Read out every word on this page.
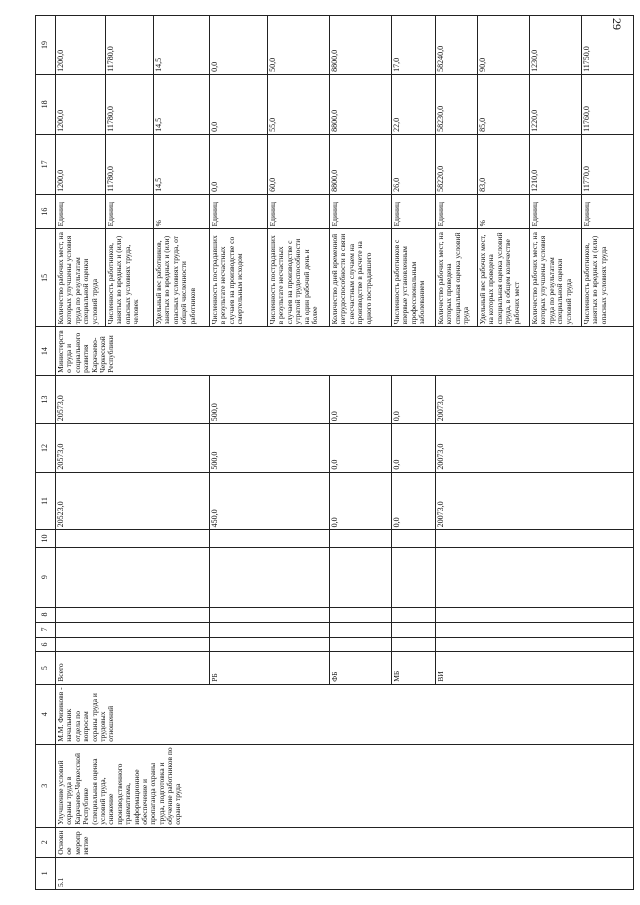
29
1	2	3	4	5	6	7	8	9	10	11	12	13	14	15	16	17	18	19
5.1	Основное мероприятие	Улучшение условий охраны труда в Карачаево-Черкесской Республике (специальная оценка условий труда, снижение производственного травматизма, информационное обеспечение и пропаганда охраны труда, подготовка и обучение работников по охране труда	М.М. Физиковв - начальник отдела по вопросам охраны труда и трудовых отношений	Всего						20523,0	20573,0	20573,0	Министерство труда и социального развития Карачаево-Черкесской Республики	Количество рабочих мест, на которых улучшены условия труда по результатам специальной оценки условий труда	Единиц	1200,0	1200,0	1200,0
														Численность работников, занятых во вредных и (или) опасных условиях труда, человек	Единиц	11780,0	11780,0	11780,0
														Удельный вес работников, занятых во вредных и (или) опасных условиях труда, от общей численности работников	%	14,5	14,5	14,5
				РБ						450,0	500,0	500,0		Численность пострадавших в результате несчастных случаев на производстве со смертельным исходом	Единиц	0,0	0,0	0,0
														Численность пострадавших в результате несчастных случаев на производстве с утратой трудоспособности на один рабочий день и более	Единиц	60,0	55,0	50,0
				ФБ						0,0	0,0	0,0		Количество дней временной нетрудоспособности в связи с несчастным случаем на производстве в расчете на одного пострадавшего	Единиц	8800,0	8800,0	8800,0
				МБ						0,0	0,0	0,0		Численность работников с впервые установленным профессиональным заболеванием	Единиц	26,0	22,0	17,0
				ВИ						20073,0	20073,0	20073,0		Количество рабочих мест, на которых проведена специальная оценка условий труда	Единиц	58220,0	58230,0	58240,0
														Удельный вес рабочих мест, на которых проведена специальная оценка условий труда, в общем количестве рабочих мест	%	83,0	85,0	90,0
														Количество рабочих мест, на которых улучшены условия труда по результатам специальной оценки условий труда	Единиц	1210,0	1220,0	1230,0
														Численность работников, занятых во вредных и (или) опасных условиях труда	Единиц	11770,0	11760,0	11750,0
